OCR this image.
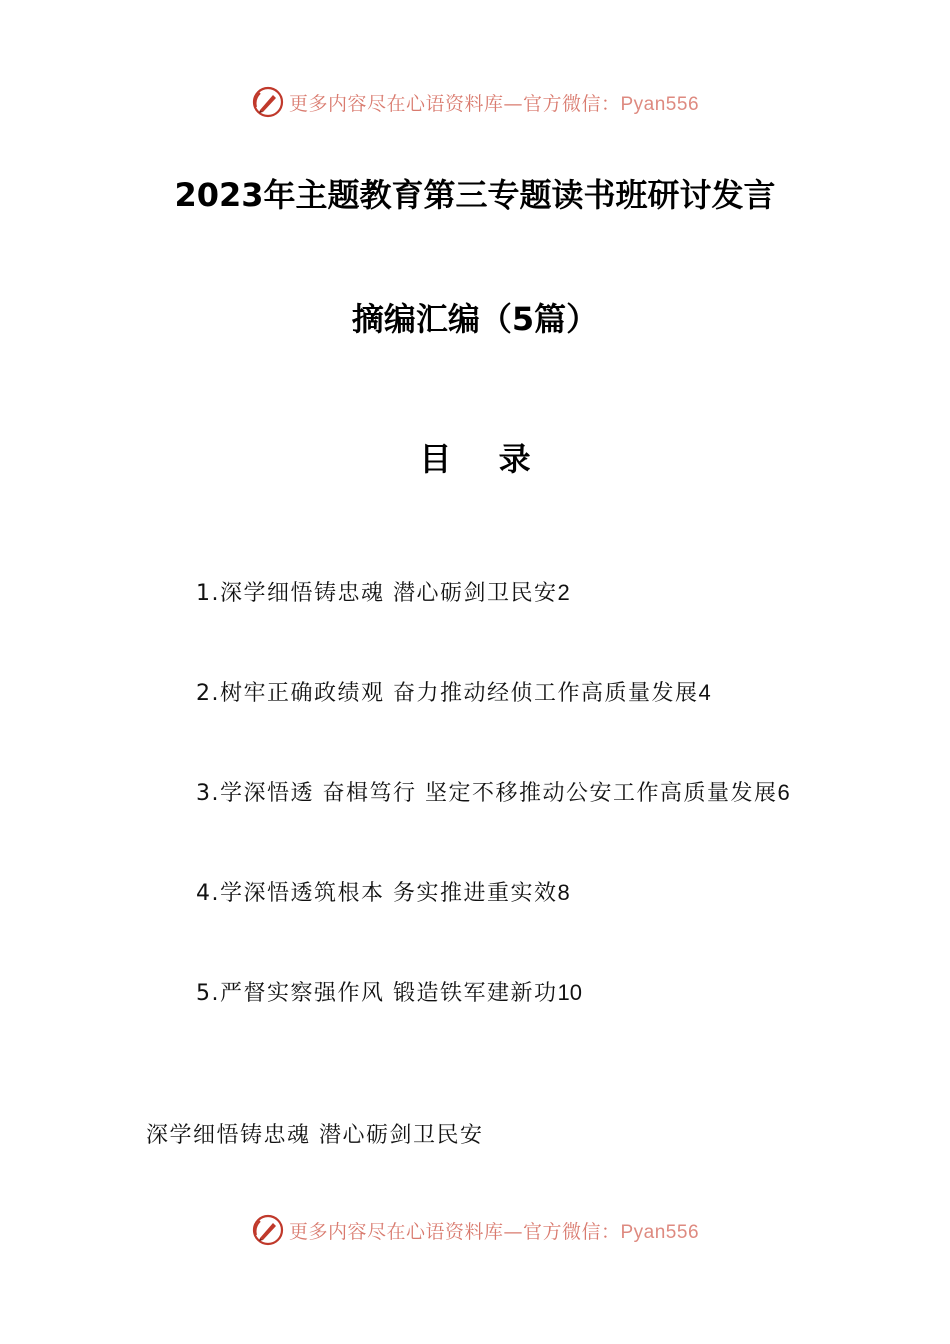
更多内容尽在心语资料库—官方微信：Pyan556
2023年主题教育第三专题读书班研讨发言
摘编汇编（5篇）
目 录
1.深学细悟铸忠魂 潜心砺剑卫民安2
2.树牢正确政绩观 奋力推动经侦工作高质量发展4
3.学深悟透 奋楫笃行 坚定不移推动公安工作高质量发展6
4.学深悟透筑根本 务实推进重实效8
5.严督实察强作风 锻造铁军建新功10
深学细悟铸忠魂 潜心砺剑卫民安
更多内容尽在心语资料库—官方微信：Pyan556
